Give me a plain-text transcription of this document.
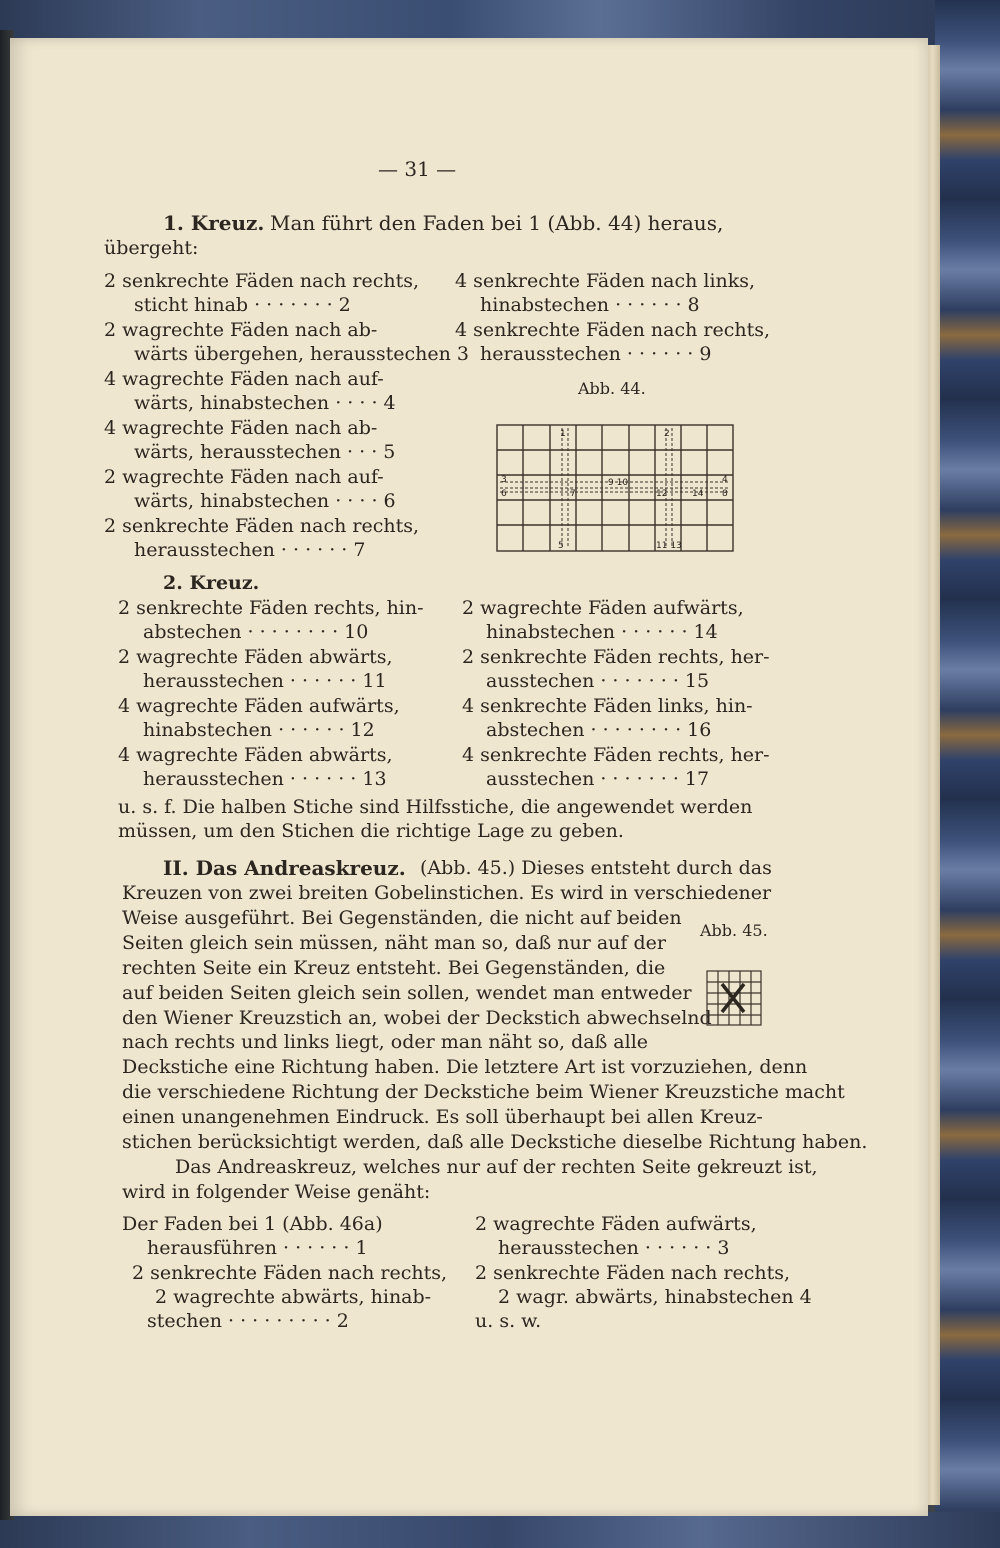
— 31 —
1. Kreuz. Man führt den Faden bei 1 (Abb. 44) heraus,
übergeht:
2 senkrechte Fäden nach rechts,
sticht hinab · · · · · · · 2
2 wagrechte Fäden nach ab-
wärts übergehen, herausstechen 3
4 wagrechte Fäden nach auf-
wärts, hinabstechen · · · · 4
4 wagrechte Fäden nach ab-
wärts, herausstechen · · · 5
2 wagrechte Fäden nach auf-
wärts, hinabstechen · · · · 6
2 senkrechte Fäden nach rechts,
herausstechen · · · · · · 7
4 senkrechte Fäden nach links,
hinabstechen · · · · · · 8
4 senkrechte Fäden nach rechts,
herausstechen · · · · · · 9
Abb. 44.
1	2
9 10
3	4
6	7	8
5	11 13
12	14
2. Kreuz.
2 senkrechte Fäden rechts, hin-
abstechen · · · · · · · · 10
2 wagrechte Fäden abwärts,
herausstechen · · · · · · 11
4 wagrechte Fäden aufwärts,
hinabstechen · · · · · · 12
4 wagrechte Fäden abwärts,
herausstechen · · · · · · 13
2 wagrechte Fäden aufwärts,
hinabstechen · · · · · · 14
2 senkrechte Fäden rechts, her-
ausstechen · · · · · · · 15
4 senkrechte Fäden links, hin-
abstechen · · · · · · · · 16
4 senkrechte Fäden rechts, her-
ausstechen · · · · · · · 17
u. s. f. Die halben Stiche sind Hilfsstiche, die angewendet werden
müssen, um den Stichen die richtige Lage zu geben.
II. Das Andreaskreuz. (Abb. 45.) Dieses entsteht durch das
Kreuzen von zwei breiten Gobelinstichen. Es wird in verschiedener
Weise ausgeführt. Bei Gegenständen, die nicht auf beiden
Seiten gleich sein müssen, näht man so, daß nur auf der
rechten Seite ein Kreuz entsteht. Bei Gegenständen, die
auf beiden Seiten gleich sein sollen, wendet man entweder
den Wiener Kreuzstich an, wobei der Deckstich abwechselnd
nach rechts und links liegt, oder man näht so, daß alle
Deckstiche eine Richtung haben. Die letztere Art ist vorzuziehen, denn
die verschiedene Richtung der Deckstiche beim Wiener Kreuzstiche macht
einen unangenehmen Eindruck. Es soll überhaupt bei allen Kreuz-
stichen berücksichtigt werden, daß alle Deckstiche dieselbe Richtung haben.
Das Andreaskreuz, welches nur auf der rechten Seite gekreuzt ist,
wird in folgender Weise genäht:
Abb. 45.
Der Faden bei 1 (Abb. 46a)
herausführen · · · · · · 1
2 senkrechte Fäden nach rechts,
2 wagrechte abwärts, hinab-
stechen · · · · · · · · · 2
2 wagrechte Fäden aufwärts,
herausstechen · · · · · · 3
2 senkrechte Fäden nach rechts,
2 wagr. abwärts, hinabstechen 4
u. s. w.
